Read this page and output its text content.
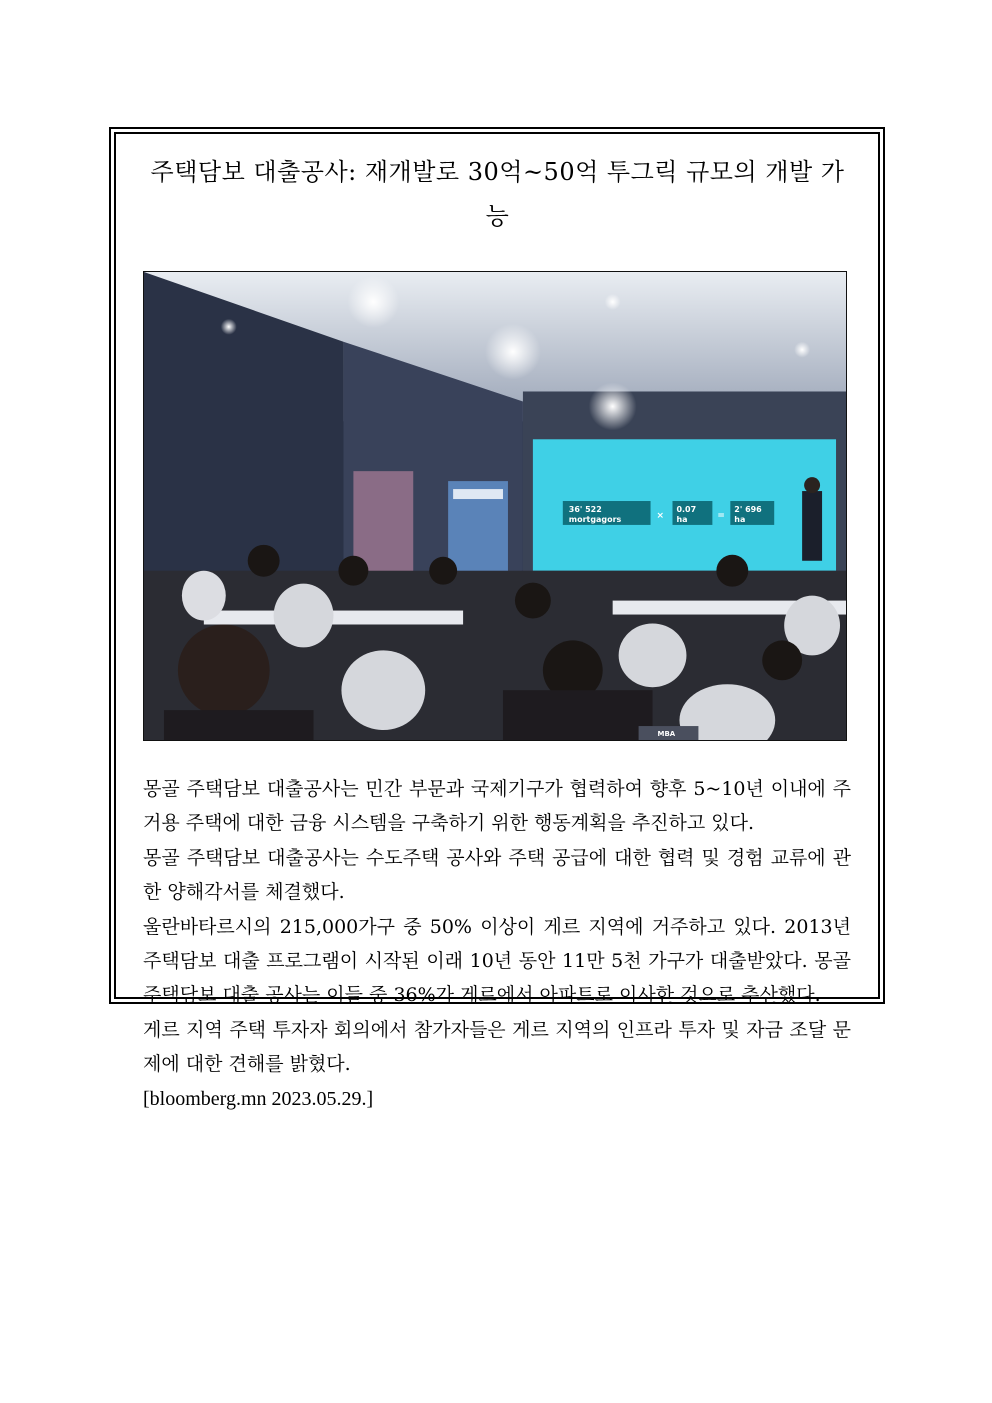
주택담보 대출공사: 재개발로 30억~50억 투그릭 규모의 개발 가능
36' 522
mortgagors	×
0.07
ha	=
2' 696
ha
MBA

몽골 주택담보 대출공사는 민간 부문과 국제기구가 협력하여 향후 5~10년 이내에 주거용 주택에 대한 금융 시스템을 구축하기 위한 행동계획을 추진하고 있다.

몽골 주택담보 대출공사는 수도주택 공사와 주택 공급에 대한 협력 및 경험 교류에 관한 양해각서를 체결했다.

울란바타르시의 215,000가구 중 50% 이상이 게르 지역에 거주하고 있다. 2013년 주택담보 대출 프로그램이 시작된 이래 10년 동안 11만 5천 가구가 대출받았다. 몽골 주택담보 대출 공사는 이들 중 36%가 게르에서 아파트로 이사한 것으로 추산했다.

게르 지역 주택 투자자 회의에서 참가자들은 게르 지역의 인프라 투자 및 자금 조달 문제에 대한 견해를 밝혔다.

[bloomberg.mn 2023.05.29.]
